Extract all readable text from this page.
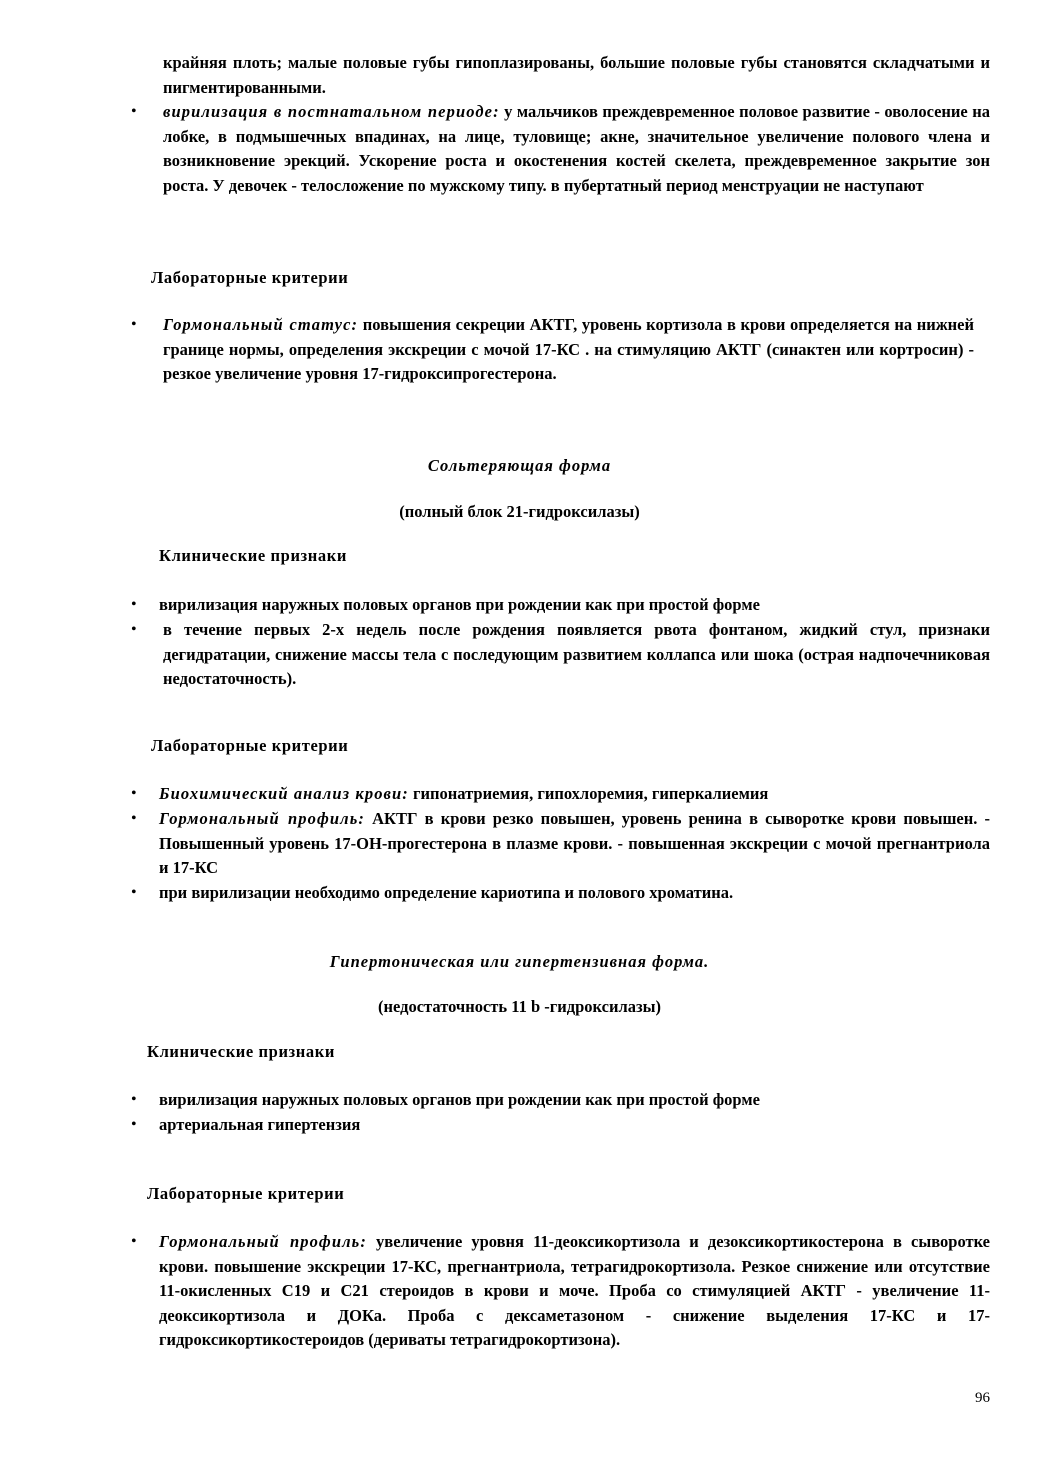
крайняя плоть; малые половые губы гипоплазированы, большие половые губы становятся складчатыми и пигментированными.
• вирилизация в постнатальном периоде: у мальчиков преждевременное половое развитие - оволосение на лобке, в подмышечных впадинах, на лице, туловище; акне, значительное увеличение полового члена и возникновение эрекций. Ускорение роста и окостенения костей скелета, преждевременное закрытие зон роста. У девочек - телосложение по мужскому типу. в пубертатный период менструации не наступают
Лабораторные критерии
• Гормональный статус: повышения секреции АКТГ, уровень кортизола в крови определяется на нижней границе нормы, определения экскреции с мочой 17-КС . на стимуляцию АКТГ (синактен или кортросин) - резкое увеличение уровня 17-гидроксипрогестерона.
Сольтеряющая форма
(полный блок 21-гидроксилазы)
Клинические признаки
• вирилизация наружных половых органов при рождении как при простой форме
• в течение первых 2-х недель после рождения появляется рвота фонтаном, жидкий стул, признаки дегидратации, снижение массы тела с последующим развитием коллапса или шока (острая надпочечниковая недостаточность).
Лабораторные критерии
• Биохимический анализ крови: гипонатриемия, гипохлоремия, гиперкалиемия
• Гормональный профиль: АКТГ в крови резко повышен, уровень ренина в сыворотке крови повышен. - Повышенный уровень 17-ОН-прогестерона в плазме крови. - повышенная экскреции с мочой прегнантриола и 17-КС
• при вирилизации необходимо определение кариотипа и полового хроматина.
Гипертоническая или гипертензивная форма.
(недостаточность 11 b -гидроксилазы)
Клинические признаки
• вирилизация наружных половых органов при рождении как при простой форме
• артериальная гипертензия
Лабораторные критерии
• Гормональный профиль: увеличение уровня 11-деоксикортизола и дезоксикортикостерона в сыворотке крови. повышение экскреции 17-КС, прегнантриола, тетрагидрокортизола. Резкое снижение или отсутствие 11-окисленных С19 и С21 стероидов в крови и моче. Проба со стимуляцией АКТГ - увеличение 11-деоксикортизола и ДОКа. Проба с дексаметазоном - снижение выделения 17-КС и 17-гидроксикортикостероидов (дериваты тетрагидрокортизона).
96
